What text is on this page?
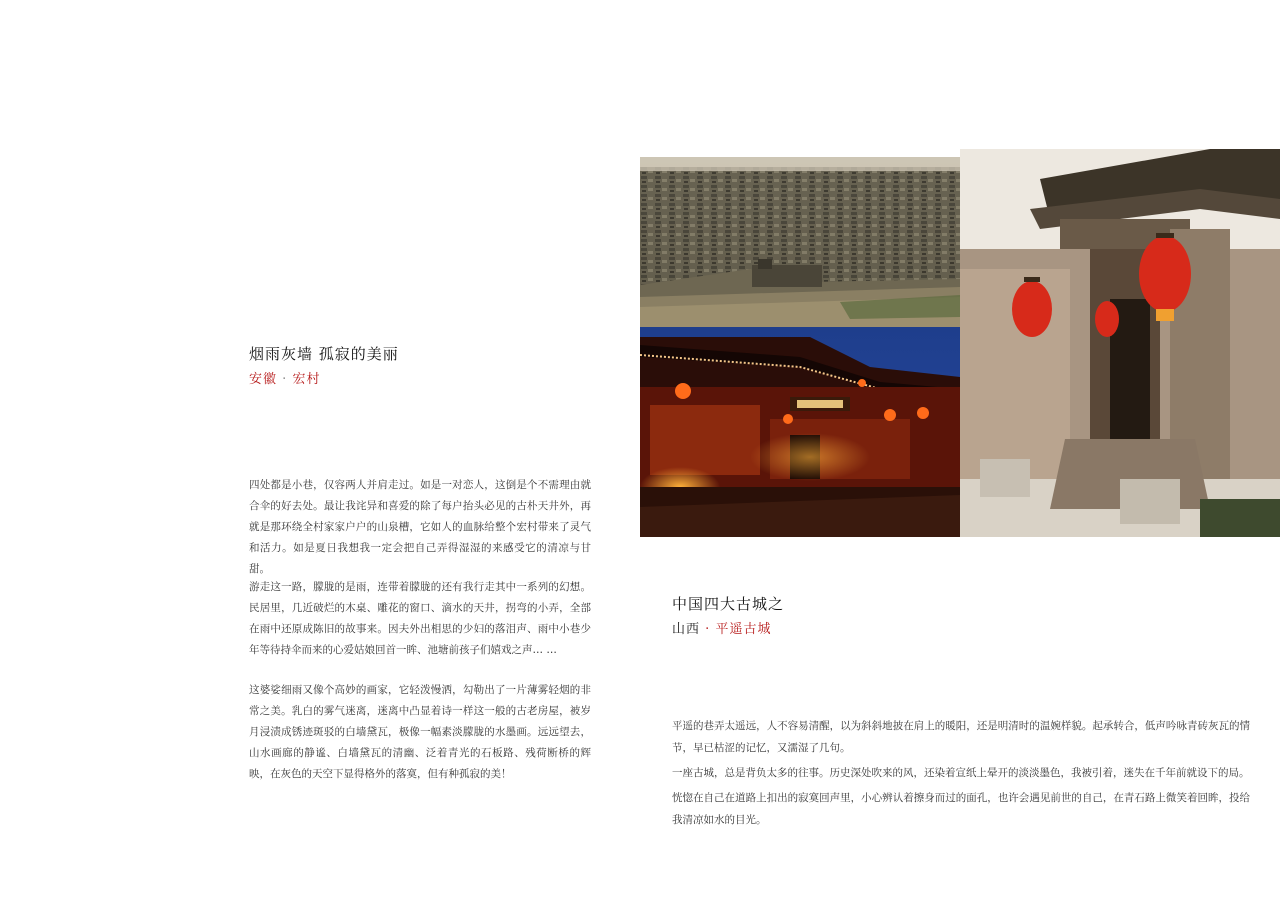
烟雨灰墙 孤寂的美丽
安徽 · 宏村

四处都是小巷，仅容两人并肩走过。如是一对恋人，这倒是个不需理由就合伞的好去处。最让我诧异和喜爱的除了每户抬头必见的古朴天井外，再就是那环绕全村家家户户的山泉槽，它如人的血脉给整个宏村带来了灵气和活力。如是夏日我想我一定会把自己弄得湿湿的来感受它的清凉与甘甜。

游走这一路，朦胧的是雨，连带着朦胧的还有我行走其中一系列的幻想。民居里，几近破烂的木桌、雕花的窗口、滴水的天井，拐弯的小弄，全部在雨中还原成陈旧的故事来。因夫外出相思的少妇的落泪声、雨中小巷少年等待持伞而来的心爱姑娘回首一眸、池塘前孩子们嬉戏之声… …

这婆娑细雨又像个高妙的画家，它轻泼慢洒，勾勒出了一片薄雾轻烟的非常之美。乳白的雾气迷离，迷离中凸显着诗一样这一般的古老房屋，被岁月浸渍成锈迹斑驳的白墙黛瓦，极像一幅素淡朦胧的水墨画。远远望去，山水画廊的静谧、白墙黛瓦的清幽、泛着青光的石板路、残荷断桥的辉映，在灰色的天空下显得格外的落寞，但有种孤寂的美！

中国四大古城之
山西 · 平遥古城

平遥的巷弄太遥远，人不容易清醒，以为斜斜地披在肩上的暖阳，还是明清时的温婉样貌。起承转合，低声吟咏青砖灰瓦的情节，早已枯涩的记忆，又濡湿了几句。

一座古城，总是背负太多的往事。历史深处吹来的风，还染着宣纸上晕开的淡淡墨色，我被引着，迷失在千年前就设下的局。

恍惚在自己在道路上扣出的寂寞回声里，小心辨认着擦身而过的面孔，也许会遇见前世的自己，在青石路上微笑着回眸，投给我清凉如水的目光。
